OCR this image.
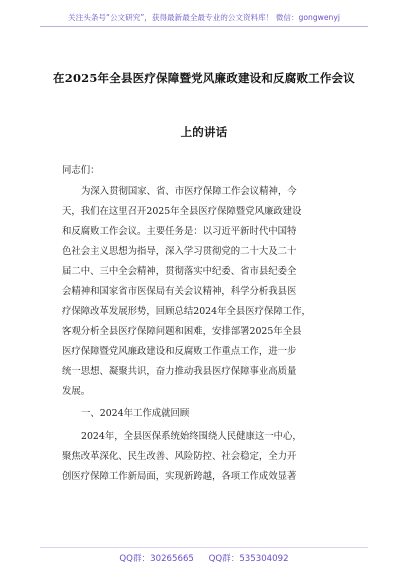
关注头条号“公文研究”，获得最新最全最专业的公文资料库！ 微信：gongwenyj
在2025年全县医疗保障暨党风廉政建设和反腐败工作会议
上的讲话
同志们：
为深入贯彻国家、省、市医疗保障工作会议精神，今
天，我们在这里召开2025年全县医疗保障暨党风廉政建设
和反腐败工作会议。主要任务是：以习近平新时代中国特
色社会主义思想为指导，深入学习贯彻党的二十大及二十
届二中、三中全会精神，贯彻落实中纪委、省市县纪委全
会精神和国家省市医保局有关会议精神，科学分析我县医
疗保障改革发展形势，回顾总结2024年全县医疗保障工作，
客观分析全县医疗保障问题和困难，安排部署2025年全县
医疗保障暨党风廉政建设和反腐败工作重点工作，进一步
统一思想、凝聚共识，奋力推动我县医疗保障事业高质量
发展。
一、2024年工作成就回顾
2024年，全县医保系统始终围绕人民健康这一中心，
聚焦改革深化、民生改善、风险防控、社会稳定，全力开
创医疗保障工作新局面，实现新跨越，各项工作成效显著
QQ群：30265665 QQ群：535304092
